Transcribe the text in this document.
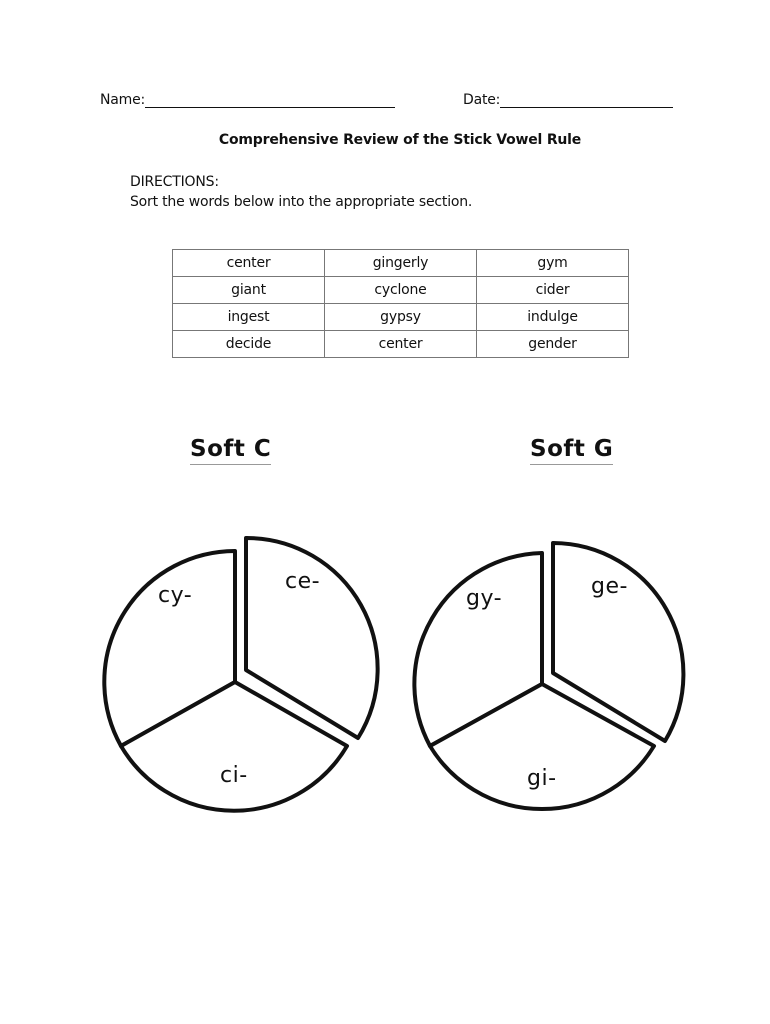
Name:	Date:
Comprehensive Review of the Stick Vowel Rule
DIRECTIONS:
Sort the words below into the appropriate section.
center	gingerly	gym
giant	cyclone	cider
ingest	gypsy	indulge
decide	center	gender
Soft C	Soft G
cy-
ce-
ci-
gy-	ge-
gi-
